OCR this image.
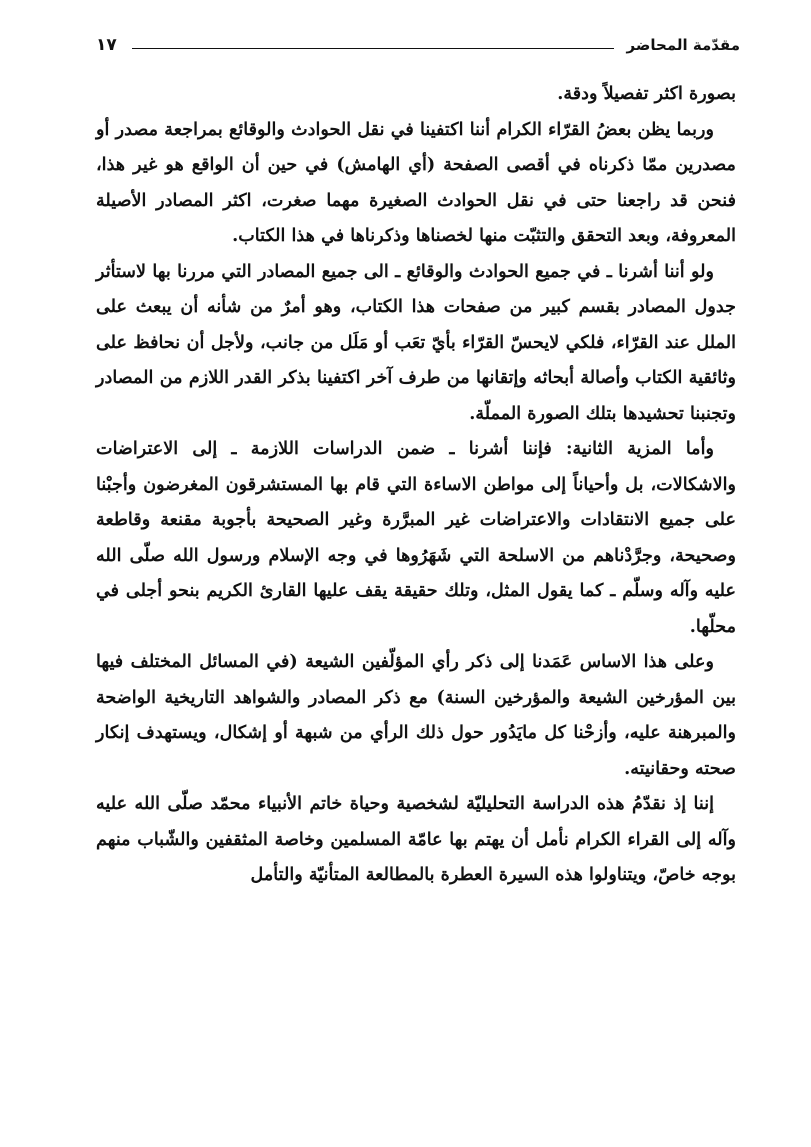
مقدّمة المحاضر
١٧

بصورة اكثر تفصيلاً ودقة.

وربما يظن بعضُ القرّاء الكرام أننا اكتفينا في نقل الحوادث والوقائع بمراجعة مصدر أو مصدرين ممّا ذكرناه في أقصى الصفحة (أي الهامش) في حين أن الواقع هو غير هذا، فنحن قد راجعنا حتى في نقل الحوادث الصغيرة مهما صغرت، اكثر المصادر الأصيلة المعروفة، وبعد التحقق والتثبّت منها لخصناها وذكرناها في هذا الكتاب.

ولو أننا أشرنا ـ في جميع الحوادث والوقائع ـ الى جميع المصادر التي مررنا بها لاستأثر جدول المصادر بقسم كبير من صفحات هذا الكتاب، وهو أمرٌ من شأنه أن يبعث على الملل عند القرّاء، فلكي لايحسّ القرّاء بأيّ تعَب أو مَلَل من جانب، ولأجل أن نحافظ على وثائقية الكتاب وأصالة أبحاثه وإتقانها من طرف آخر اكتفينا بذكر القدر اللازم من المصادر وتجنبنا تحشيدها بتلك الصورة المملّة.

وأما المزية الثانية: فإننا أشرنا ـ ضمن الدراسات اللازمة ـ إلى الاعتراضات والاشكالات، بل وأحياناً إلى مواطن الاساءة التي قام بها المستشرقون المغرضون وأجبْنا على جميع الانتقادات والاعتراضات غير المبرَّرة وغير الصحيحة بأجوبة مقنعة وقاطعة وصحيحة، وجرَّدْناهم من الاسلحة التي شَهَرُوها في وجه الإسلام ورسول الله صلّى الله عليه وآله وسلّم ـ كما يقول المثل، وتلك حقيقة يقف عليها القارئ الكريم بنحو أجلى في محلّها.

وعلى هذا الاساس عَمَدنا إلى ذكر رأي المؤلّفين الشيعة (في المسائل المختلف فيها بين المؤرخين الشيعة والمؤرخين السنة) مع ذكر المصادر والشواهد التاريخية الواضحة والمبرهنة عليه، وأزحْنا كل مايَدُور حول ذلك الرأي من شبهة أو إشكال، ويستهدف إنكار صحته وحقانيته.

إننا إذ نقدّمُ هذه الدراسة التحليليّة لشخصية وحياة خاتم الأنبياء محمّد صلّى الله عليه وآله إلى القراء الكرام نأمل أن يهتم بها عامّة المسلمين وخاصة المثقفين والشّباب منهم بوجه خاصّ، ويتناولوا هذه السيرة العطرة بالمطالعة المتأنيّة والتأمل
